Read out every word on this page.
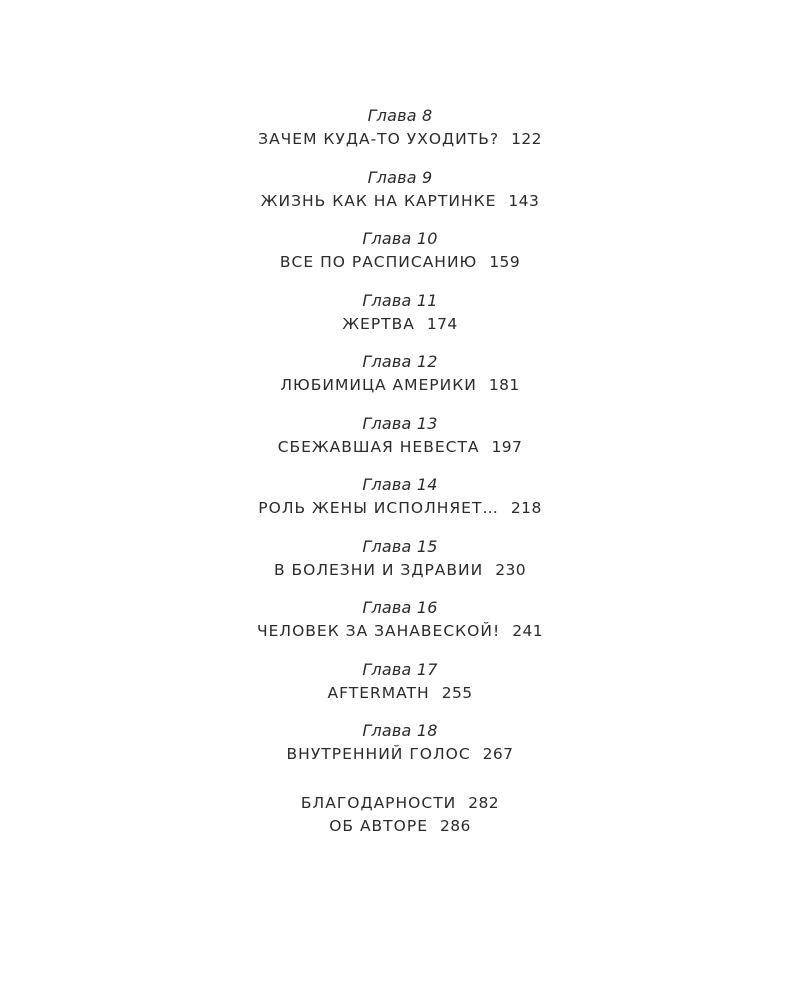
Глава 8
ЗАЧЕМ КУДА-ТО УХОДИТЬ? 122
Глава 9
ЖИЗНЬ КАК НА КАРТИНКЕ 143
Глава 10
ВСЕ ПО РАСПИСАНИЮ 159
Глава 11
ЖЕРТВА 174
Глава 12
ЛЮБИМИЦА АМЕРИКИ 181
Глава 13
СБЕЖАВШАЯ НЕВЕСТА 197
Глава 14
РОЛЬ ЖЕНЫ ИСПОЛНЯЕТ… 218
Глава 15
В БОЛЕЗНИ И ЗДРАВИИ 230
Глава 16
ЧЕЛОВЕК ЗА ЗАНАВЕСКОЙ! 241
Глава 17
AFTERMATH 255
Глава 18
ВНУТРЕННИЙ ГОЛОС 267
БЛАГОДАРНОСТИ 282
ОБ АВТОРЕ 286
